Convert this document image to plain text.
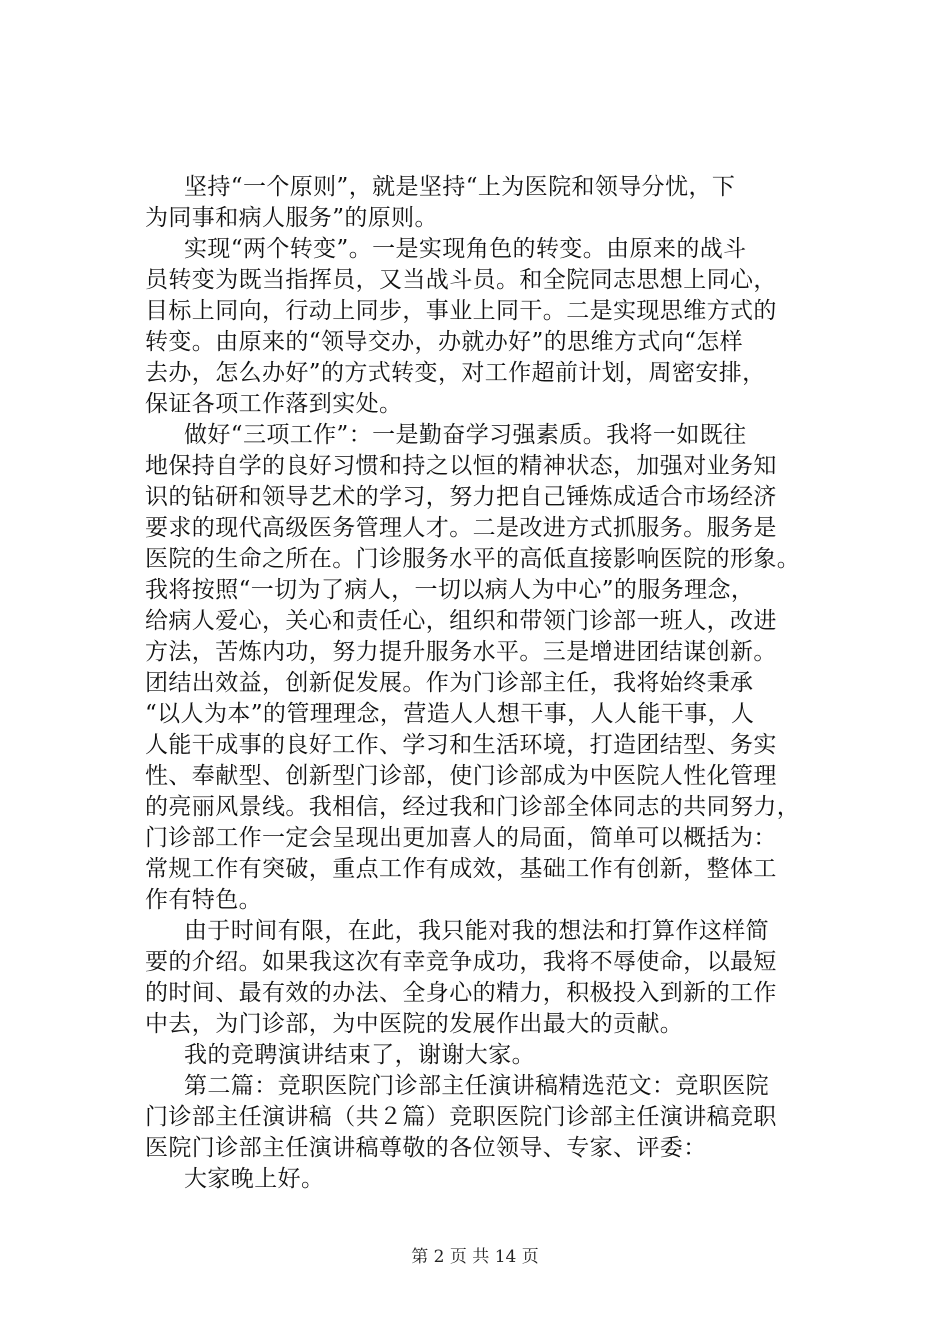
坚持“一个原则”，就是坚持“上为医院和领导分忧，下
为同事和病人服务”的原则。
实现“两个转变”。一是实现角色的转变。由原来的战斗
员转变为既当指挥员，又当战斗员。和全院同志思想上同心，
目标上同向，行动上同步，事业上同干。二是实现思维方式的
转变。由原来的“领导交办，办就办好”的思维方式向“怎样
去办，怎么办好”的方式转变，对工作超前计划，周密安排，
保证各项工作落到实处。
做好“三项工作”：一是勤奋学习强素质。我将一如既往
地保持自学的良好习惯和持之以恒的精神状态，加强对业务知
识的钻研和领导艺术的学习，努力把自己锤炼成适合市场经济
要求的现代高级医务管理人才。二是改进方式抓服务。服务是
医院的生命之所在。门诊服务水平的高低直接影响医院的形象。
我将按照“一切为了病人，一切以病人为中心”的服务理念，
给病人爱心，关心和责任心，组织和带领门诊部一班人，改进
方法，苦炼内功，努力提升服务水平。三是增进团结谋创新。
团结出效益，创新促发展。作为门诊部主任，我将始终秉承
“以人为本”的管理理念，营造人人想干事，人人能干事，人
人能干成事的良好工作、学习和生活环境，打造团结型、务实
性、奉献型、创新型门诊部，使门诊部成为中医院人性化管理
的亮丽风景线。我相信，经过我和门诊部全体同志的共同努力，
门诊部工作一定会呈现出更加喜人的局面，简单可以概括为：
常规工作有突破，重点工作有成效，基础工作有创新，整体工
作有特色。
由于时间有限，在此，我只能对我的想法和打算作这样简
要的介绍。如果我这次有幸竞争成功，我将不辱使命，以最短
的时间、最有效的办法、全身心的精力，积极投入到新的工作
中去，为门诊部，为中医院的发展作出最大的贡献。
我的竞聘演讲结束了，谢谢大家。
第二篇：竞职医院门诊部主任演讲稿精选范文：竞职医院
门诊部主任演讲稿（共２篇）竞职医院门诊部主任演讲稿竞职
医院门诊部主任演讲稿尊敬的各位领导、专家、评委：
大家晚上好。
第 2 页 共 14 页
